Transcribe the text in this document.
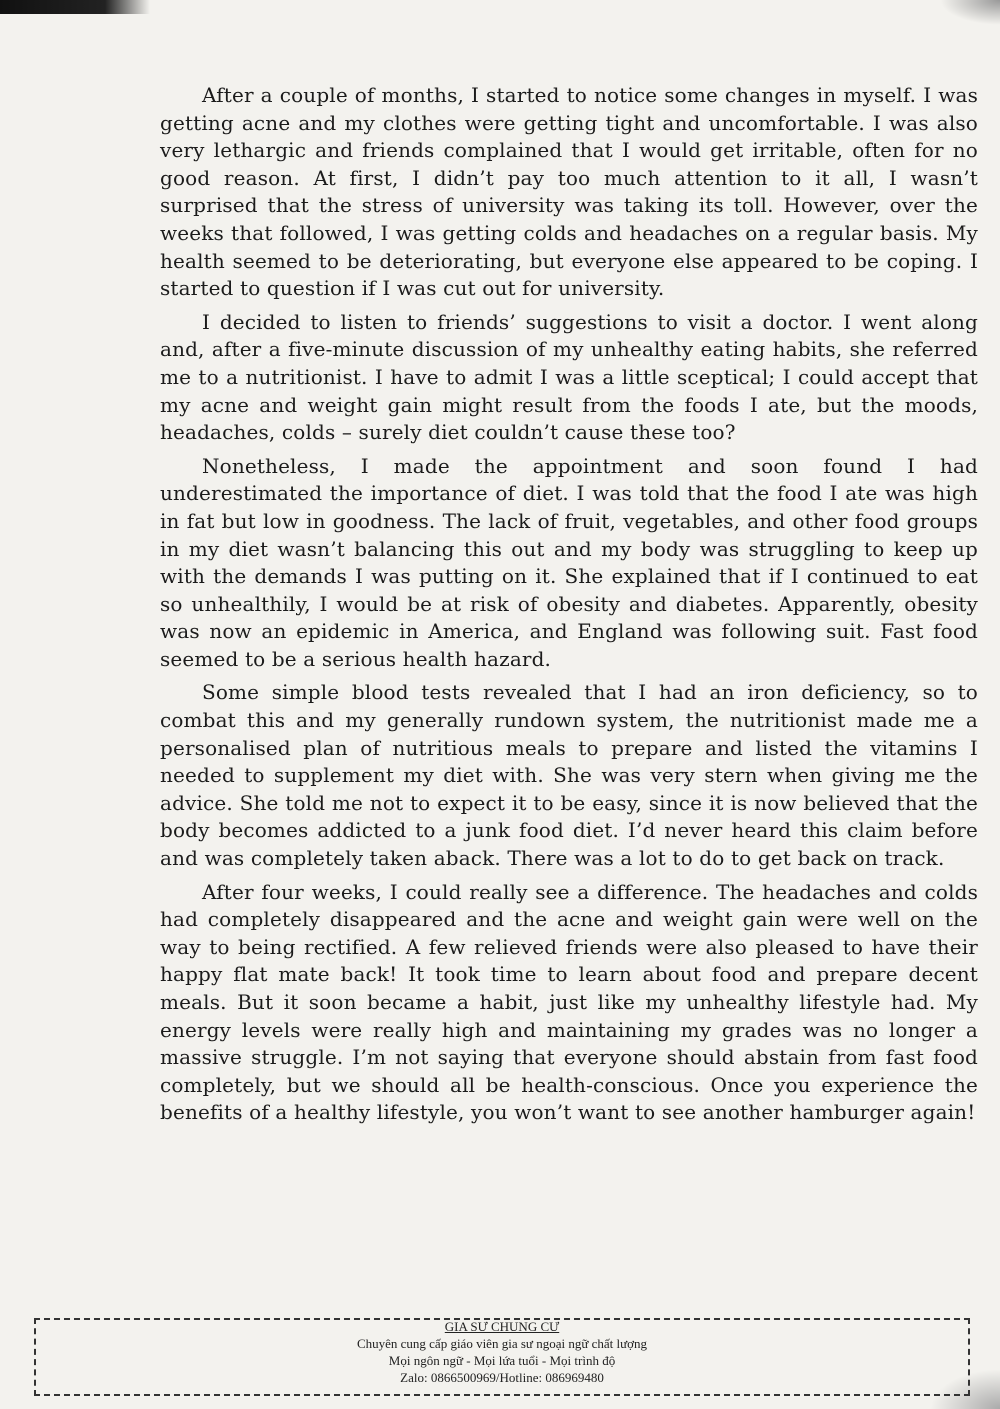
After a couple of months, I started to notice some changes in myself. I was getting acne and my clothes were getting tight and uncomfortable. I was also very lethargic and friends complained that I would get irritable, often for no good reason. At first, I didn’t pay too much attention to it all, I wasn’t surprised that the stress of university was taking its toll. However, over the weeks that followed, I was getting colds and headaches on a regular basis. My health seemed to be deteriorating, but everyone else appeared to be coping. I started to question if I was cut out for university.

I decided to listen to friends’ suggestions to visit a doctor. I went along and, after a five-minute discussion of my unhealthy eating habits, she referred me to a nutritionist. I have to admit I was a little sceptical; I could accept that my acne and weight gain might result from the foods I ate, but the moods, headaches, colds – surely diet couldn’t cause these too?

Nonetheless, I made the appointment and soon found I had underestimated the importance of diet. I was told that the food I ate was high in fat but low in goodness. The lack of fruit, vegetables, and other food groups in my diet wasn’t balancing this out and my body was struggling to keep up with the demands I was putting on it. She explained that if I continued to eat so unhealthily, I would be at risk of obesity and diabetes. Apparently, obesity was now an epidemic in America, and England was following suit. Fast food seemed to be a serious health hazard.

Some simple blood tests revealed that I had an iron deficiency, so to combat this and my generally rundown system, the nutritionist made me a personalised plan of nutritious meals to prepare and listed the vitamins I needed to supplement my diet with. She was very stern when giving me the advice. She told me not to expect it to be easy, since it is now believed that the body becomes addicted to a junk food diet. I’d never heard this claim before and was completely taken aback. There was a lot to do to get back on track.

After four weeks, I could really see a difference. The headaches and colds had completely disappeared and the acne and weight gain were well on the way to being rectified. A few relieved friends were also pleased to have their happy flat mate back! It took time to learn about food and prepare decent meals. But it soon became a habit, just like my unhealthy lifestyle had. My energy levels were really high and maintaining my grades was no longer a massive struggle. I’m not saying that everyone should abstain from fast food completely, but we should all be health-conscious. Once you experience the benefits of a healthy lifestyle, you won’t want to see another hamburger again!

GIA SƯ CHUNG CƯ
Chuyên cung cấp giáo viên gia sư ngoại ngữ chất lượng
Mọi ngôn ngữ - Mọi lứa tuổi - Mọi trình độ
Zalo: 0866500969/Hotline: 086969480
